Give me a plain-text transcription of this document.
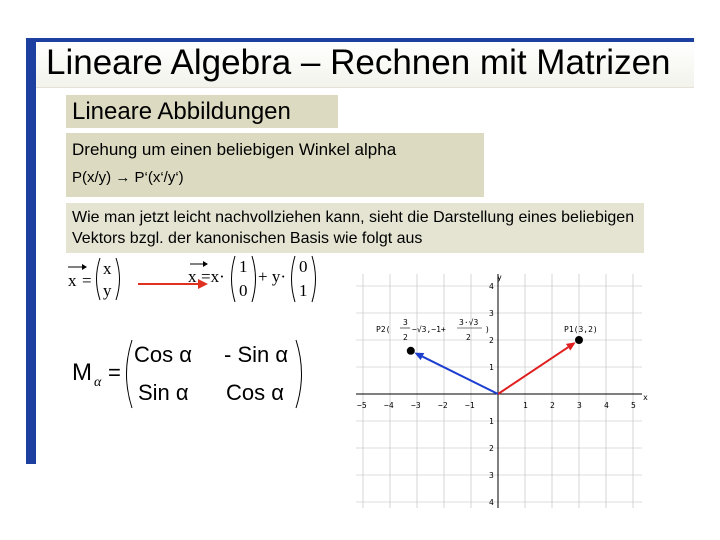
Lineare Algebra – Rechnen mit Matrizen
Lineare Abbildungen
Drehung um einen beliebigen Winkel alpha
P(x/y) → P‘(x‘/y‘)
Wie man jetzt leicht nachvollziehen kann, sieht die Darstellung eines beliebigen Vektors bzgl. der kanonischen Basis wie folgt aus
x =
x
y
x =x·
1
0
+ y·
0
1
M α =
Cos α - Sin α
Sin α Cos α
y
x
−5 −4 −3 −2 −1	1	2	3	4	5
1
2
3
4
1
2
3
4
P1(3,2)
P2(
3
2
−√3,−1+
3·√3
2
)
